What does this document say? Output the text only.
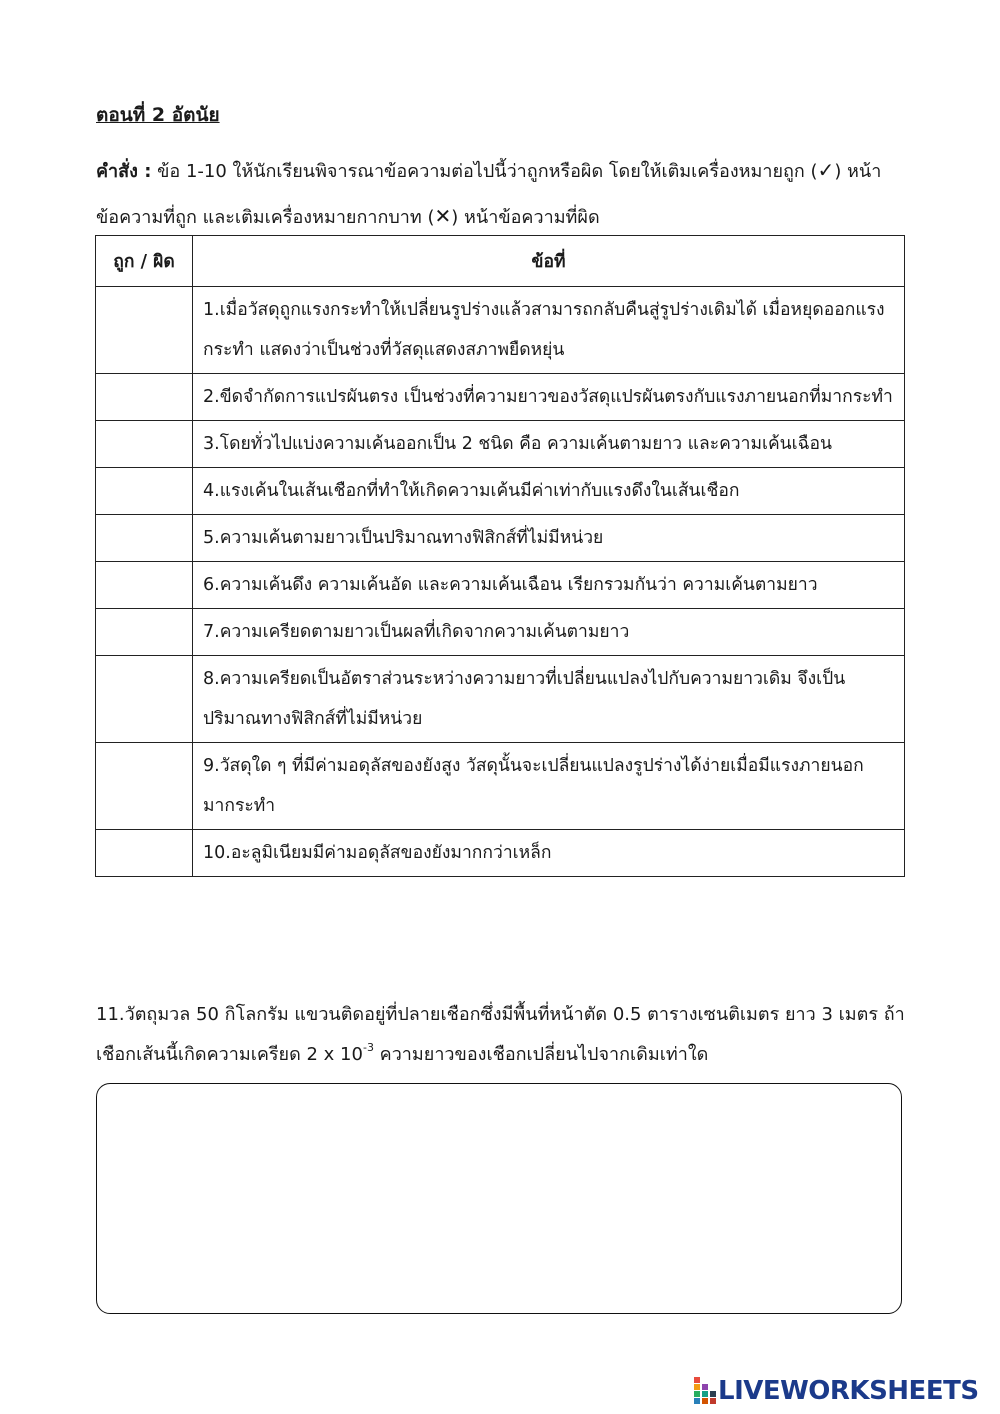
ตอนที่ 2 อัตนัย
คำสั่ง : ข้อ 1-10 ให้นักเรียนพิจารณาข้อความต่อไปนี้ว่าถูกหรือผิด โดยให้เติมเครื่องหมายถูก (✓) หน้าข้อความที่ถูก และเติมเครื่องหมายกากบาท (✕) หน้าข้อความที่ผิด
ถูก / ผิด	ข้อที่
	1.เมื่อวัสดุถูกแรงกระทำให้เปลี่ยนรูปร่างแล้วสามารถกลับคืนสู่รูปร่างเดิมได้ เมื่อหยุดออกแรงกระทำ แสดงว่าเป็นช่วงที่วัสดุแสดงสภาพยืดหยุ่น
	2.ขีดจำกัดการแปรผันตรง เป็นช่วงที่ความยาวของวัสดุแปรผันตรงกับแรงภายนอกที่มากระทำ
	3.โดยทั่วไปแบ่งความเค้นออกเป็น 2 ชนิด คือ ความเค้นตามยาว และความเค้นเฉือน
	4.แรงเค้นในเส้นเชือกที่ทำให้เกิดความเค้นมีค่าเท่ากับแรงดึงในเส้นเชือก
	5.ความเค้นตามยาวเป็นปริมาณทางฟิสิกส์ที่ไม่มีหน่วย
	6.ความเค้นดึง ความเค้นอัด และความเค้นเฉือน เรียกรวมกันว่า ความเค้นตามยาว
	7.ความเครียดตามยาวเป็นผลที่เกิดจากความเค้นตามยาว
	8.ความเครียดเป็นอัตราส่วนระหว่างความยาวที่เปลี่ยนแปลงไปกับความยาวเดิม จึงเป็นปริมาณทางฟิสิกส์ที่ไม่มีหน่วย
	9.วัสดุใด ๆ ที่มีค่ามอดุลัสของยังสูง วัสดุนั้นจะเปลี่ยนแปลงรูปร่างได้ง่ายเมื่อมีแรงภายนอกมากระทำ
	10.อะลูมิเนียมมีค่ามอดุลัสของยังมากกว่าเหล็ก
11.วัตถุมวล 50 กิโลกรัม แขวนติดอยู่ที่ปลายเชือกซึ่งมีพื้นที่หน้าตัด 0.5 ตารางเซนติเมตร ยาว 3 เมตร ถ้าเชือกเส้นนี้เกิดความเครียด 2 x $10^{-3}$ ความยาวของเชือกเปลี่ยนไปจากเดิมเท่าใด
LIVEWORKSHEETS
